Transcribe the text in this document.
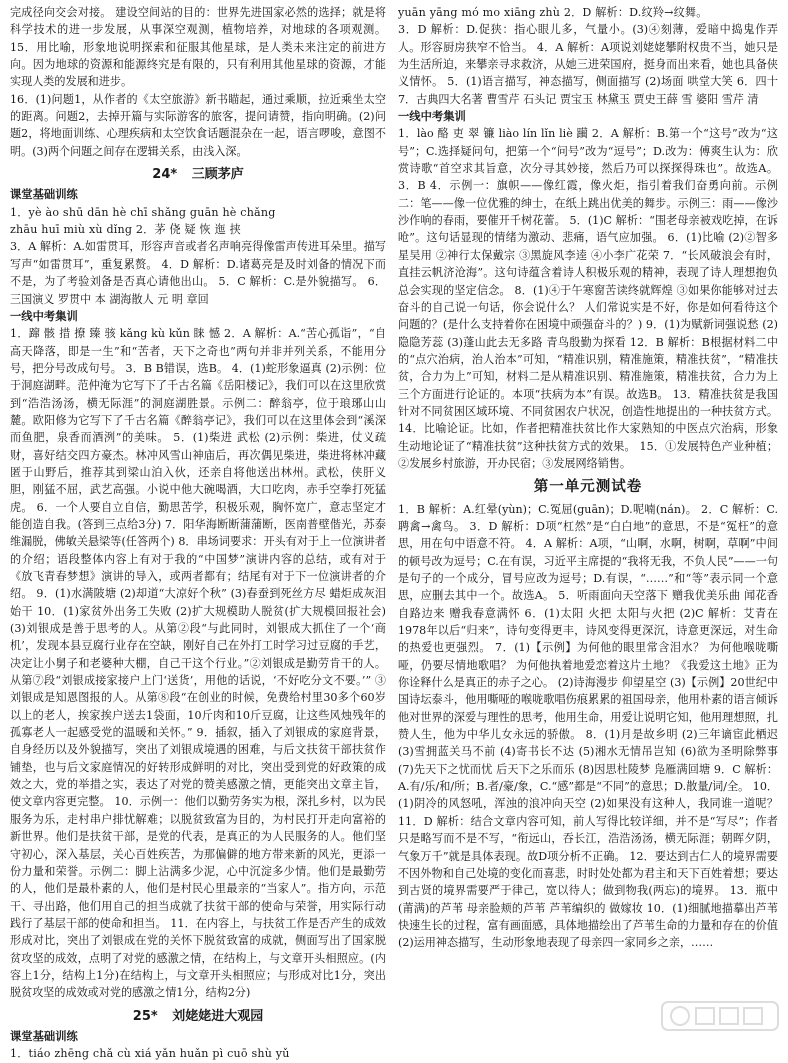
完成径向交会对接。 建设空间站的目的：世界先进国家必然的选择；就是将科学技术的进一步发展，从事深空观测，植物培养，对地球的各项观测。15．用比喻，形象地说明探索和征服其他星球，是人类未来注定的前进方向。因为地球的资源和能源终究是有限的，只有利用其他星球的资源，才能实现人类的发展和进步。

16．(1)问题1，从作者的《太空旅游》新书瞄起，通过乘顺，拉近乘坐太空的距离。问题2，去掉开篇与实际游客的旅客，提问请赞，指向明确。(2)问题2，将地面训练、心理疾病和太空饮食话题混杂在一起，语言啰唆，意图不明。(3)两个问题之间存在逻辑关系，由浅入深。

24* 三顾茅庐

课堂基础训练

1．yè ào shū dān hè chī shǎng guān hè chǎng

zhāu huī miù xù dǐng 2．茅 侥 疑 恢 迤 挟

3．A 解析：A.如雷贯耳，形容声音或者名声响亮得像雷声传进耳朵里。描写写声“如雷贯耳”，重复累赘。 4．D 解析：D.诸葛亮是及时刘备的情况下而不是，为了考验刘备是否真心请他出山。 5．C 解析：C.是外貌描写。 6．三国演义 罗贯中 本 湖海散人 元 明 章回

一线中考集训

1．蹿 骸 措 撩 臻 骇 kǎng kù kǔn 睐 憾 2．A 解析：A.“苦心孤诣”，“自高天降落，即是一生”和“苦者，天下之奇也”两句并非并列关系，不能用分号，把分号改成句号。 3．B B错误，选B。 4．(1)蛇形象逼真 (2)示例：位于洞庭湖畔。范仲淹为它写下了千古名篇《岳阳楼记》，我们可以在这里欣赏到“浩浩汤汤，横无际涯”的洞庭湖胜景。示例二：醉翁亭，位于琅琊山山麓。欧阳修为它写下了千古名篇《醉翁亭记》，我们可以在这里体会到“溪深而鱼肥，泉香而酒洌”的美味。 5．(1)柴进 武松 (2)示例：柴进，仗义疏财，喜好结交四方豪杰。林冲风雪山神庙后，再次偶见柴进，柴进将林冲藏匿于山野后，推荐其到梁山泊入伙，还亲自将他送出林州。武松，侠肝义胆，刚猛不屈，武艺高强。小说中他大碗喝酒，大口吃肉，赤手空拳打死猛虎。 6．一个人要自立自信，勤思苦学，积极乐观，胸怀宽广，意志坚定才能创造自我。(答到三点给3分) 7．阳华海断断蒲蒲断，医南普壁偕光，苏泰维漏脱，佛敏关悬梁等(任答两个) 8．串场词要求：开头有对于上一位演讲者的介绍；语段整体内容上有对于我的“中国梦”演讲内容的总结，或有对于《放飞青春梦想》演讲的导入，或两者都有；结尾有对于下一位演讲者的介绍。 9．(1)水满陂塘 (2)却道“大凉好个秋” (3)春蚕到死丝方尽 蜡炬成灰泪始干 10．(1)家贫外出务工失败 (2)扩大规模助人脱贫(扩大规模回报社会) (3)刘银成是善于思考的人。从第②段“与此同时，刘银成大抓住了一个‘商机’，发现本县豆腐行业存在空缺，刚好自己在外打工时学习过豆腐的手艺，决定让小舅子和老婆种大棚，自己干这个行业。”②刘银成是勤劳肯干的人。从第⑦段“刘银成接家接户上门‘送货’，用他的话说，‘不好吃分文不要。’” ③刘银成是知恩图报的人。从第⑧段“在创业的时候，免费给村里30多个60岁以上的老人，挨家挨户送去1袋面，10斤肉和10斤豆腐，让这些风烛残年的孤寡老人一起感受党的温暖和关怀。” 9．插叙，插入了刘银成的家庭背景，自身经历以及外貌描写，突出了刘银成境遇的困难，与后文扶贫干部扶贫作铺垫，也与后文家庭情况的好转形成鲜明的对比，突出受到党的好政策的成效之大，党的举措之实，表达了对党的赞美感激之情，更能突出文章主旨，使文章内容更完整。 10．示例一：他们以勤劳务实为根，深扎乡村，以为民服务为乐，走村串户排忧解难；以脱贫致富为目的，为村民打开走向富裕的新世界。他们是扶贫干部，是党的代表，是真正的为人民服务的人。他们坚守初心，深入基层，关心百姓疾苦，为那偏僻的地方带来新的风光，更添一份力量和荣誉。示例二：脚上沾满多少泥，心中沉淀多少情。他们是最勤劳的人，他们是最朴素的人，他们是村民心里最亲的“当家人”。指方向，示范干、寻出路，他们用自己的担当成就了扶贫干部的使命与荣誉，用实际行动践行了基层干部的使命和担当。 11．在内容上，与扶贫工作是否产生的成效形成对比，突出了刘银成在党的关怀下脱贫致富的成就，侧面写出了国家脱贫攻坚的成效，点明了对党的感激之情，在结构上，与文章开头相照应。(内容上1分，结构上1分)在结构上，与文章开头相照应；与形成对比1分，突出脱贫攻坚的成效或对党的感激之情1分，结构2分)

25* 刘姥姥进大观园

课堂基础训练

1．tiáo zhēng chǎ cù xiá yǎn huǎn pì cuō shù yǔ

yuān yāng mó mo xiāng zhù 2．D 解析：D.纹羚→纹舞。

3．D 解析：D.促狭：指心眼儿多，气量小。(3)④刻薄，爱暗中捣鬼作弄人。形容厨房狭窄不恰当。 4．A 解析：A项说刘姥姥攀附权贵不当，她只是为生活所迫，来攀亲寻求救济，从她三进荣国府，挺身而出来看，她也具备侠义情怀。 5．(1)语言描写，神态描写，侧面描写 (2)场面 哄堂大笑 6．四十 7．古典四大名著 曹雪芹 石头记 贾宝玉 林黛玉 贾史王薛 雪 婆阳 雪芹 清

一线中考集训

1．lào 酪 吏 翠 镰 liào lín lǐn liè 躏 2．A 解析：B.第一个“这号”改为“这号”；C.选择疑问句，把第一个“问号”改为“逗号”；D.改为：傅爽生认为：欣赏诗歌“首空求其旨意，次分寻其妙接，然后乃可以探探得珠也”。故选A。 3．B 4．示例一：旗帜——像红霞，像火炬，指引着我们奋勇向前。示例二：笔——像一位优雅的绅士，在纸上跳出优美的舞步。示例三：雨——像沙沙作响的春雨，要催开千树花蕾。 5．(1)C 解析：“围老母亲被戏吃掉，在诉呛”。这句话显现的情绪为激动、悲痛，语气应加强。 6．(1)比喻 (2)②智多星吴用 ②神行太保戴宗 ③黑旋风李逵 ④小李广花荣 7．“长风破浪会有时，直挂云帆济沧海”。这句诗蕴含着诗人积极乐观的精神，表现了诗人理想抱负总会实现的坚定信念。 8．(1)④于午寒窗苦读终就辉煌 ③如果你能够对过去奋斗的自己说一句话，你会说什么？ 人们常说实是不好，你是如何看待这个问题的？(是什么支持着你在困境中顽强奋斗的？) 9．(1)为赋新词强说愁 (2)隐隐芳蕊 (3)蓬山此去无多路 青鸟殷勤为探看 12．B 解析：B根据材料二中的“点穴治病，治人治本”可知，“精准识别，精准施策，精准扶贫”，“精准扶贫，合力为上”可知，材料二是从精准识别、精准施策，精准扶贫，合力为上三个方面进行论证的。本项“扶病为本”有误。故选B。 13．精准扶贫是我国针对不同贫困区域环境、不同贫困农户状况，创造性地提出的一种扶贫方式。 14．比喻论证。比如，作者把精准扶贫比作大家熟知的中医点穴治病，形象生动地论证了“精准扶贫”这种扶贫方式的效果。 15．①发展特色产业种植；②发展乡村旅游，开办民宿；③发展网络销售。

第一单元测试卷

1．B 解析：A.红晕(yùn)；C.冤屈(guān)；D.呢喃(nán)。 2．C 解析：C.聘禽→禽鸟。 3．D 解析：D项“杠然”是“白白地”的意思，不是“冤枉”的意思，用在句中语意不符。 4．A 解析：A项，“山啊，水啊，树啊，草啊”中间的顿号改为逗号；C.在有误，习近平主席提的“我将无我，不负人民”——一句是句子的一个成分，冒号应改为逗号；D.有误，“……”和“等”表示同一个意思，应删去其中一个。故选A。 5．听雨面向天空落下 赠我优美乐曲 闻花香自路边来 赠我春意满怀 6．(1)太阳 火把 太阳与火把 (2)C 解析：艾青在1978年以后“归来”，诗句变得更丰，诗风变得更深沉，诗意更深远，对生命的热爱也更强烈。 7．(1)【示例】为何他的眼里常含泪水？ 为何他喉咙嘶哑，仍要尽情地歌唱？ 为何他执着地爱恋着这片土地？《我爱这土地》正为你诠释什么是真正的赤子之心。 (2)诗海漫步 仰望星空 (3)【示例】20世纪中国诗坛泰斗，他用嘶哑的喉咙歌唱伤痕累累的祖国母亲，他用朴素的语言倾诉他对世界的深爱与理性的思考，他用生命，用爱让说明它知，他用理想照，扎赞人生，他为中华儿女永远的骄傲。 8．(1)月是故乡明 (2)三年谪宦此栖迟 (3)雪拥蓝关马不前 (4)寄书长不达 (5)湘水无情吊岂知 (6)欲为圣明除弊事 (7)先天下之忧而忧 后天下之乐而乐 (8)因思杜陵梦 凫雁满回塘 9．C 解析：A.有/乐/和/所；B.者/豪/象，C.“感”都是“不同”的意思；D.散量/词/全。 10．(1)阴冷的风怒吼，浑浊的浪冲向天空 (2)如果没有这种人，我同谁一道呢？ 11．D 解析：结合文章内容可知，前人写得比较详细，并不是“写尽”；作者只是略写而不是不写，“衔远山，吞长江，浩浩汤汤，横无际涯；朝晖夕阴，气象万千”就是具体表现。故D项分析不正确。 12．要达到古仁人的境界需要不因外物和自己处境的变化而喜悲，时时处处都为君主和天下百姓着想；要达到古贤的境界需要严于律己，宽以待人；做到物我(两忘)的境界。 13．瓶中(莆满)的芦苇 母亲脸颊的芦苇 芦苇编织的 做嫁妆 10．(1)细腻地描摹出芦苇快速生长的过程，富有画面感，具体地描绘出了芦苇生命的力量和存在的价值 (2)运用神态描写，生动形象地表现了母亲四一家同乡之亲，……
